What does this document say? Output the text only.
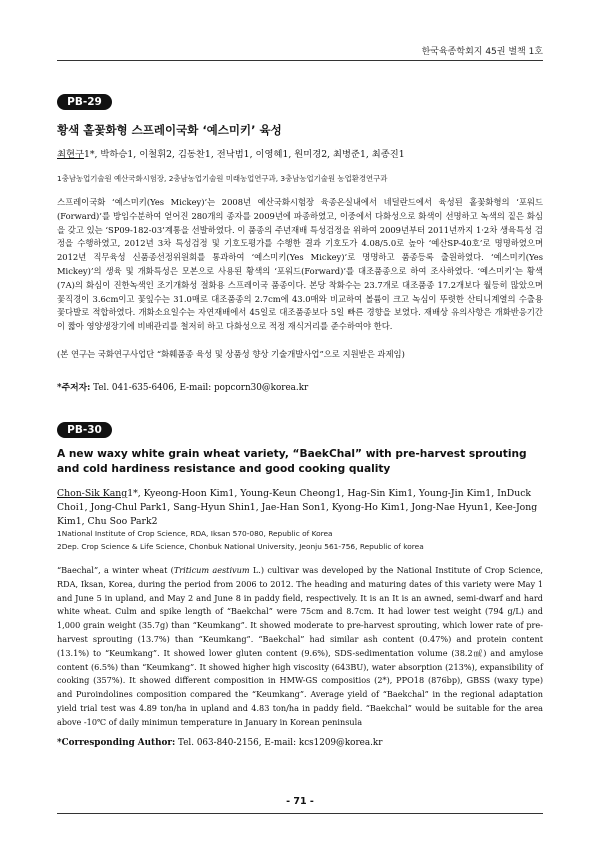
한국육종학회지 45권 별책 1호
PB-29
황색 홑꽃화형 스프레이국화 ‘예스미키’ 육성
최현구1*, 박하승1, 이철휘2, 김동찬1, 전낙범1, 이영혜1, 원미경2, 최병준1, 최종진1
1충남농업기술원 예산국화시험장, 2충남농업기술원 미래농업연구과, 3충남농업기술원 농업환경연구과
스프레이국화 ‘예스미키(Yes Mickey)’는 2008년 예산국화시험장 육종온실내에서 네덜란드에서 육성된 홑꽃화형의 ‘포워드(Forward)’를 방임수분하여 얻어진 280개의 종자를 2009년에 파종하였고, 이중에서 다화성으로 화색이 선명하고 녹색의 짙은 화심을 갖고 있는 ‘SP09-182-03’계통을 선발하였다. 이 품종의 주년재배 특성검정을 위하여 2009년부터 2011년까지 1·2차 생육특성 검정을 수행하였고, 2012년 3차 특성검정 및 기호도평가를 수행한 결과 기호도가 4.08/5.0로 높아 ‘예산SP-40호’로 명명하였으며 2012년 직무육성 신품종선정위원회를 통과하여 ‘예스미키(Yes Mickey)’로 명명하고 품종등록 출원하였다. ‘예스미키(Yes Mickey)’의 생육 및 개화특성은 모본으로 사용된 황색의 ‘포워드(Forward)’를 대조품종으로 하여 조사하였다. ‘예스미키’는 황색(7A)의 화심이 진한녹색인 조기개화성 절화용 스프레이국 품종이다. 본당 착화수는 23.7개로 대조품종 17.2개보다 월등히 많았으며 꽃직경이 3.6cm이고 꽃잎수는 31.0매로 대조품종의 2.7cm에 43.0매와 비교하여 볼륨이 크고 녹심이 뚜렷한 산티니계열의 수출용 꽃다발로 적합하였다. 개화소요일수는 자연재배에서 45일로 대조품종보다 5일 빠른 경향을 보였다. 재배상 유의사항은 개화반응기간이 짧아 영양생장기에 비배관리를 철저히 하고 다화성으로 적정 재식거리를 준수하여야 한다.
(본 연구는 국화연구사업단 “화훼품종 육성 및 상품성 향상 기술개발사업”으로 지원받은 과제임)
*주저자: Tel. 041-635-6406, E-mail: popcorn30@korea.kr
PB-30
A new waxy white grain wheat variety, “BaekChal” with pre-harvest sprouting and cold hardiness resistance and good cooking quality
Chon-Sik Kang1*, Kyeong-Hoon Kim1, Young-Keun Cheong1, Hag-Sin Kim1, Young-Jin Kim1, InDuck Choi1, Jong-Chul Park1, Sang-Hyun Shin1, Jae-Han Son1, Kyong-Ho Kim1, Jong-Nae Hyun1, Kee-Jong Kim1, Chu Soo Park2
1National Institute of Crop Science, RDA, Iksan 570-080, Republic of Korea
2Dep. Crop Science & Life Science, Chonbuk National University, Jeonju 561-756, Republic of korea
“Baechal”, a winter wheat (Triticum aestivum L.) cultivar was developed by the National Institute of Crop Science, RDA, Iksan, Korea, during the period from 2006 to 2012. The heading and maturing dates of this variety were May 1 and June 5 in upland, and May 2 and June 8 in paddy field, respectively. It is an It is an awned, semi-dwarf and hard white wheat. Culm and spike length of “Baekchal” were 75cm and 8.7cm. It had lower test weight (794 g/L) and 1,000 grain weight (35.7g) than “Keumkang”. It showed moderate to pre-harvest sprouting, which lower rate of pre-harvest sprouting (13.7%) than “Keumkang”. “Baekchal” had similar ash content (0.47%) and protein content (13.1%) to “Keumkang”. It showed lower gluten content (9.6%), SDS-sedimentation volume (38.2㎖) and amylose content (6.5%) than “Keumkang”. It showed higher high viscosity (643BU), water absorption (213%), expansibility of cooking (357%). It showed different composition in HMW-GS compositios (2*), PPO18 (876bp), GBSS (waxy type) and Puroindolines composition compared the “Keumkang”. Average yield of “Baekchal” in the regional adaptation yield trial test was 4.89 ton/ha in upland and 4.83 ton/ha in paddy field. “Baekchal” would be suitable for the area above -10℃ of daily minimun temperature in January in Korean peninsula
*Corresponding Author: Tel. 063-840-2156, E-mail: kcs1209@korea.kr
- 71 -
